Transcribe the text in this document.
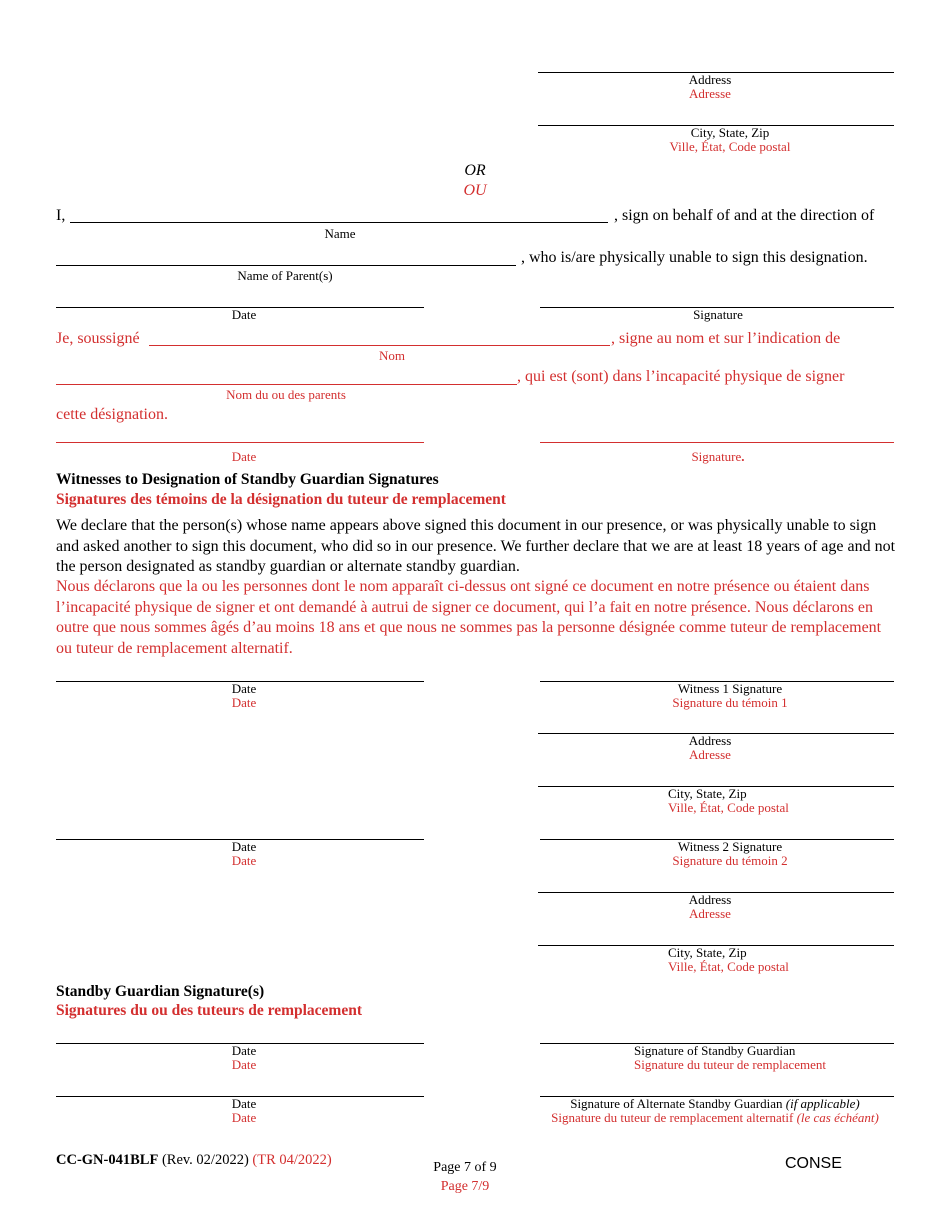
Address
Adresse
City, State, Zip
Ville, État, Code postal
OR
OU
I,	, sign on behalf of and at the direction of
Name
, who is/are physically unable to sign this designation.
Name of Parent(s)
Date	Signature
Je, soussigné	, signe au nom et sur l’indication de
Nom
, qui est (sont) dans l’incapacité physique de signer
Nom du ou des parents
cette désignation.
Date	Signature.
Witnesses to Designation of Standby Guardian Signatures
Signatures des témoins de la désignation du tuteur de remplacement
We declare that the person(s) whose name appears above signed this document in our presence, or was physically unable to sign and asked another to sign this document, who did so in our presence. We further declare that we are at least 18 years of age and not the person designated as standby guardian or alternate standby guardian.
Nous déclarons que la ou les personnes dont le nom apparaît ci-dessus ont signé ce document en notre présence ou étaient dans l’incapacité physique de signer et ont demandé à autrui de signer ce document, qui l’a fait en notre présence. Nous déclarons en outre que nous sommes âgés d’au moins 18 ans et que nous ne sommes pas la personne désignée comme tuteur de remplacement ou tuteur de remplacement alternatif.
Date
Date
Witness 1 Signature
Signature du témoin 1
Address
Adresse
City, State, Zip
Ville, État, Code postal
Date
Date
Witness 2 Signature
Signature du témoin 2
Address
Adresse
City, State, Zip
Ville, État, Code postal
Standby Guardian Signature(s)
Signatures du ou des tuteurs de remplacement
Date
Date
Signature of Standby Guardian
Signature du tuteur de remplacement
Date
Date
Signature of Alternate Standby Guardian (if applicable)
Signature du tuteur de remplacement alternatif (le cas échéant)
CC-GN-041BLF (Rev. 02/2022) (TR 04/2022)	Page 7 of 9
Page 7/9
CONSE
